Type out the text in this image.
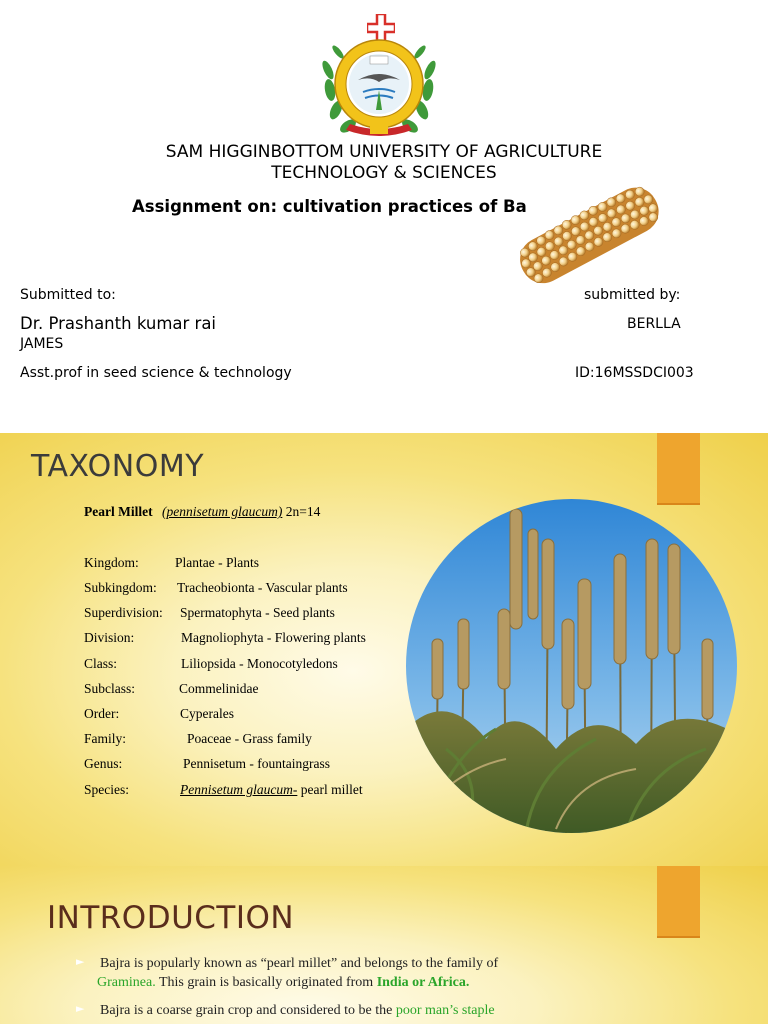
SAM HIGGINBOTTOM UNIVERSITY OF AGRICULTURE
TECHNOLOGY & SCIENCES
Assignment on: cultivation practices of Ba
Submitted to:	submitted by:
Dr. Prashanth kumar rai	BERLLA
JAMES
Asst.prof in seed science & technology	ID:16MSSDCI003
TAXONOMY
Pearl Millet (pennisetum glaucum) 2n=14
Kingdom:	Plantae - Plants
Subkingdom: Tracheobionta - Vascular plants
Superdivision: Spermatophyta - Seed plants
Division:	Magnoliophyta - Flowering plants
Class:	Liliopsida - Monocotyledons
Subclass:	Commelinidae
Order:	Cyperales
Family:	Poaceae - Grass family
Genus:	Pennisetum - fountaingrass
Species:	Pennisetum glaucum- pearl millet
INTRODUCTION
► Bajra is popularly known as “pearl millet” and belongs to the family of
Graminea. This grain is basically originated from India or Africa.
► Bajra is a coarse grain crop and considered to be the poor man’s staple
